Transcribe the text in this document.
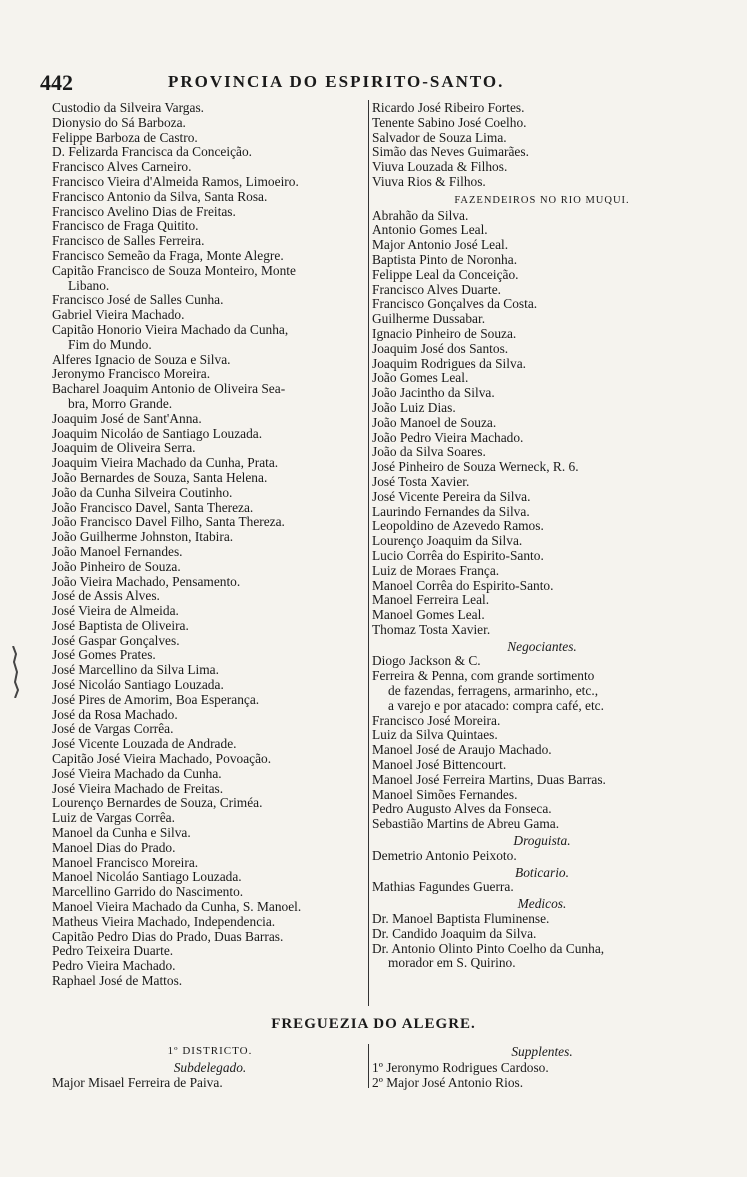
442	PROVINCIA DO ESPIRITO-SANTO.
Custodio da Silveira Vargas.
Dionysio do Sá Barboza.
Felippe Barboza de Castro.
D. Felizarda Francisca da Conceição.
Francisco Alves Carneiro.
Francisco Vieira d'Almeida Ramos, Limoeiro.
Francisco Antonio da Silva, Santa Rosa.
Francisco Avelino Dias de Freitas.
Francisco de Fraga Quitito.
Francisco de Salles Ferreira.
Francisco Semeão da Fraga, Monte Alegre.
Capitão Francisco de Souza Monteiro, Monte
Libano.
Francisco José de Salles Cunha.
Gabriel Vieira Machado.
Capitão Honorio Vieira Machado da Cunha,
Fim do Mundo.
Alferes Ignacio de Souza e Silva.
Jeronymo Francisco Moreira.
Bacharel Joaquim Antonio de Oliveira Sea-
bra, Morro Grande.
Joaquim José de Sant'Anna.
Joaquim Nicoláo de Santiago Louzada.
Joaquim de Oliveira Serra.
Joaquim Vieira Machado da Cunha, Prata.
João Bernardes de Souza, Santa Helena.
João da Cunha Silveira Coutinho.
João Francisco Davel, Santa Thereza.
João Francisco Davel Filho, Santa Thereza.
João Guilherme Johnston, Itabira.
João Manoel Fernandes.
João Pinheiro de Souza.
João Vieira Machado, Pensamento.
José de Assis Alves.
José Vieira de Almeida.
José Baptista de Oliveira.
José Gaspar Gonçalves.
José Gomes Prates.
José Marcellino da Silva Lima.
José Nicoláo Santiago Louzada.
José Pires de Amorim, Boa Esperança.
José da Rosa Machado.
José de Vargas Corrêa.
José Vicente Louzada de Andrade.
Capitão José Vieira Machado, Povoação.
José Vieira Machado da Cunha.
José Vieira Machado de Freitas.
Lourenço Bernardes de Souza, Criméa.
Luiz de Vargas Corrêa.
Manoel da Cunha e Silva.
Manoel Dias do Prado.
Manoel Francisco Moreira.
Manoel Nicoláo Santiago Louzada.
Marcellino Garrido do Nascimento.
Manoel Vieira Machado da Cunha, S. Manoel.
Matheus Vieira Machado, Independencia.
Capitão Pedro Dias do Prado, Duas Barras.
Pedro Teixeira Duarte.
Pedro Vieira Machado.
Raphael José de Mattos.
Ricardo José Ribeiro Fortes.
Tenente Sabino José Coelho.
Salvador de Souza Lima.
Simão das Neves Guimarães.
Viuva Louzada & Filhos.
Viuva Rios & Filhos.
FAZENDEIROS NO RIO MUQUI.
Abrahão da Silva.
Antonio Gomes Leal.
Major Antonio José Leal.
Baptista Pinto de Noronha.
Felippe Leal da Conceição.
Francisco Alves Duarte.
Francisco Gonçalves da Costa.
Guilherme Dussabar.
Ignacio Pinheiro de Souza.
Joaquim José dos Santos.
Joaquim Rodrigues da Silva.
João Gomes Leal.
João Jacintho da Silva.
João Luiz Dias.
João Manoel de Souza.
João Pedro Vieira Machado.
João da Silva Soares.
José Pinheiro de Souza Werneck, R. 6.
José Tosta Xavier.
José Vicente Pereira da Silva.
Laurindo Fernandes da Silva.
Leopoldino de Azevedo Ramos.
Lourenço Joaquim da Silva.
Lucio Corrêa do Espirito-Santo.
Luiz de Moraes França.
Manoel Corrêa do Espirito-Santo.
Manoel Ferreira Leal.
Manoel Gomes Leal.
Thomaz Tosta Xavier.
Negociantes.
Diogo Jackson & C.
Ferreira & Penna, com grande sortimento
de fazendas, ferragens, armarinho, etc.,
a varejo e por atacado: compra café, etc.
Francisco José Moreira.
Luiz da Silva Quintaes.
Manoel José de Araujo Machado.
Manoel José Bittencourt.
Manoel José Ferreira Martins, Duas Barras.
Manoel Simões Fernandes.
Pedro Augusto Alves da Fonseca.
Sebastião Martins de Abreu Gama.
Droguista.
Demetrio Antonio Peixoto.
Boticario.
Mathias Fagundes Guerra.
Medicos.
Dr. Manoel Baptista Fluminense.
Dr. Candido Joaquim da Silva.
Dr. Antonio Olinto Pinto Coelho da Cunha,
morador em S. Quirino.
FREGUEZIA DO ALEGRE.
1º DISTRICTO.
Subdelegado.
Major Misael Ferreira de Paiva.
Supplentes.
1º Jeronymo Rodrigues Cardoso.
2º Major José Antonio Rios.
